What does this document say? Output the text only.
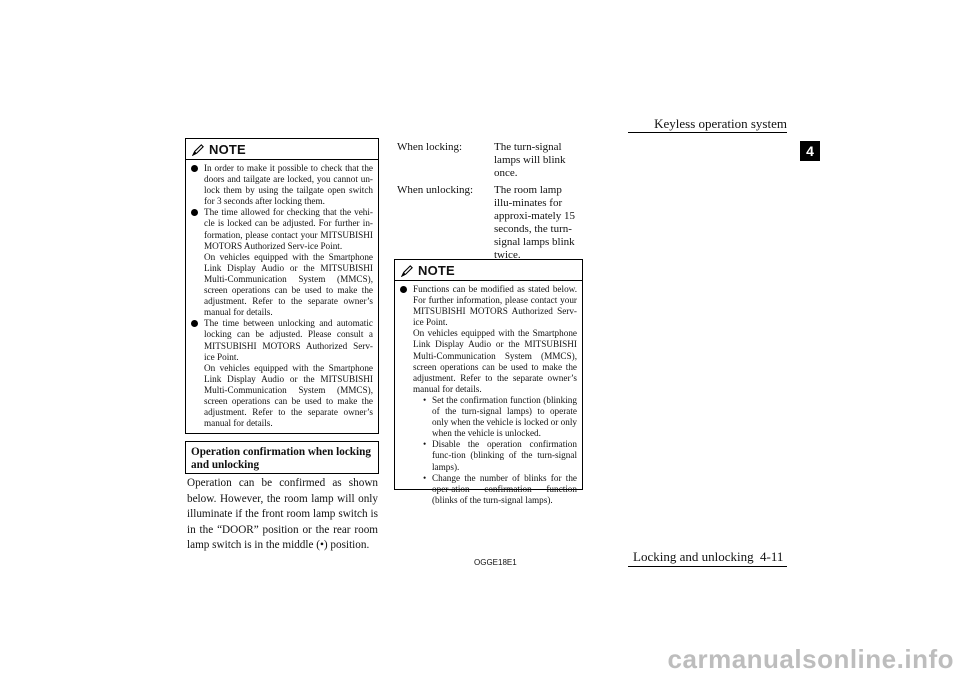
Keyless operation system
4
NOTE
In order to make it possible to check that the doors and tailgate are locked, you cannot un-lock them by using the tailgate open switch for 3 seconds after locking them.
The time allowed for checking that the vehi-cle is locked can be adjusted. For further in-formation, please contact your MITSUBISHI MOTORS Authorized Serv-ice Point.
On vehicles equipped with the Smartphone Link Display Audio or the MITSUBISHI Multi-Communication System (MMCS), screen operations can be used to make the adjustment. Refer to the separate owner’s manual for details.
The time between unlocking and automatic locking can be adjusted. Please consult a MITSUBISHI MOTORS Authorized Serv-ice Point.
On vehicles equipped with the Smartphone Link Display Audio or the MITSUBISHI Multi-Communication System (MMCS), screen operations can be used to make the adjustment. Refer to the separate owner’s manual for details.
Operation confirmation when locking and unlocking
Operation can be confirmed as shown below. However, the room lamp will only illuminate if the front room lamp switch is in the “DOOR” position or the rear room lamp switch is in the middle (•) position.
When locking:	The turn-signal lamps will blink once.
When unlocking:	The room lamp illu-minates for approxi-mately 15 seconds, the turn-signal lamps blink twice.
NOTE
Functions can be modified as stated below. For further information, please contact your MITSUBISHI MOTORS Authorized Serv-ice Point.
On vehicles equipped with the Smartphone Link Display Audio or the MITSUBISHI Multi-Communication System (MMCS), screen operations can be used to make the adjustment. Refer to the separate owner’s manual for details.
• Set the confirmation function (blinking of the turn-signal lamps) to operate only when the vehicle is locked or only when the vehicle is unlocked.
• Disable the operation confirmation func-tion (blinking of the turn-signal lamps).
• Change the number of blinks for the oper-ation confirmation function (blinks of the turn-signal lamps).
OGGE18E1	Locking and unlocking 4-11
carmanualsonline.info
